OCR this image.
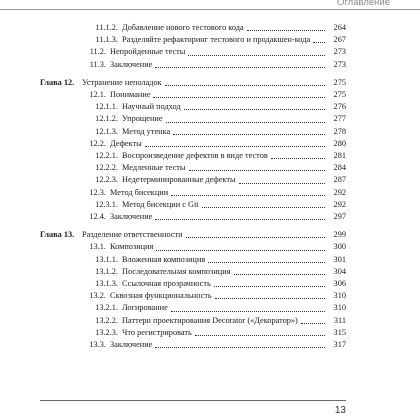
Оглавление
11.1.2. Добавление нового тестового кода	264
11.1.3. Разделяйте рефакторинг тестового и продакшен-кода	267
11.2. Непройденные тесты	273
11.3. Заключение	273
Глава 12. Устранение неполадок	275
12.1. Понимание	275
12.1.1. Научный подход	276
12.1.2. Упрощение	277
12.1.3. Метод утенка	278
12.2. Дефекты	280
12.2.1. Воспроизведение дефектов в виде тестов	281
12.2.2. Медленные тесты	284
12.2.3. Недетерминированные дефекты	287
12.3. Метод бисекции	292
12.3.1. Метод бисекции с Git	292
12.4. Заключение	297
Глава 13. Разделение ответственности	299
13.1. Композиция	300
13.1.1. Вложенная композиция	301
13.1.2. Последовательная композиция	304
13.1.3. Ссылочная прозрачность	306
13.2. Сквозная функциональность	310
13.2.1. Логирование	310
13.2.2. Паттерн проектирования Decorator («Декоратор»)	311
13.2.3. Что регистрировать	315
13.3. Заключение	317
13
